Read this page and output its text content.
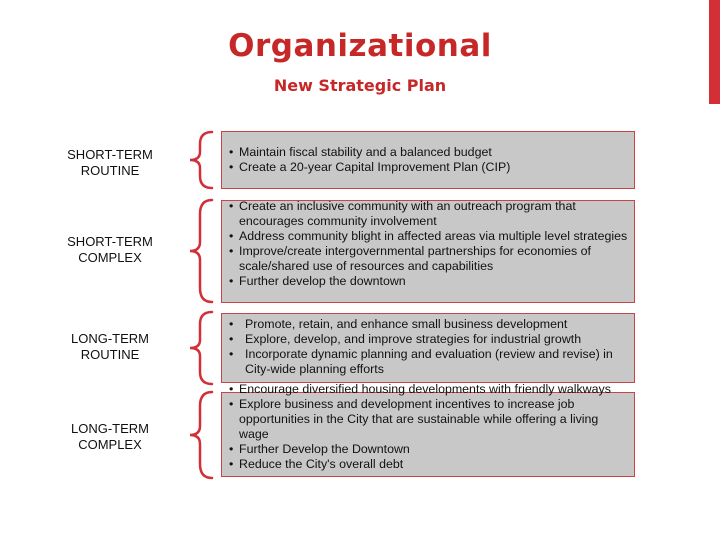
Organizational
New Strategic Plan
SHORT-TERM
ROUTINE
• Maintain fiscal stability and a balanced budget
• Create a 20-year Capital Improvement Plan (CIP)
SHORT-TERM
COMPLEX
• Create an inclusive community with an outreach program that encourages community involvement
• Address community blight in affected areas via multiple level strategies
• Improve/create intergovernmental partnerships for economies of scale/shared use of resources and capabilities
• Further develop the downtown
LONG-TERM
ROUTINE
• Promote, retain, and enhance small business development
• Explore, develop, and improve strategies for industrial growth
• Incorporate dynamic planning and evaluation (review and revise) in City-wide planning efforts
LONG-TERM
COMPLEX
• Encourage diversified housing developments with friendly walkways
• Explore business and development incentives to increase job opportunities in the City that are sustainable while offering a living wage
• Further Develop the Downtown
• Reduce the City's overall debt
